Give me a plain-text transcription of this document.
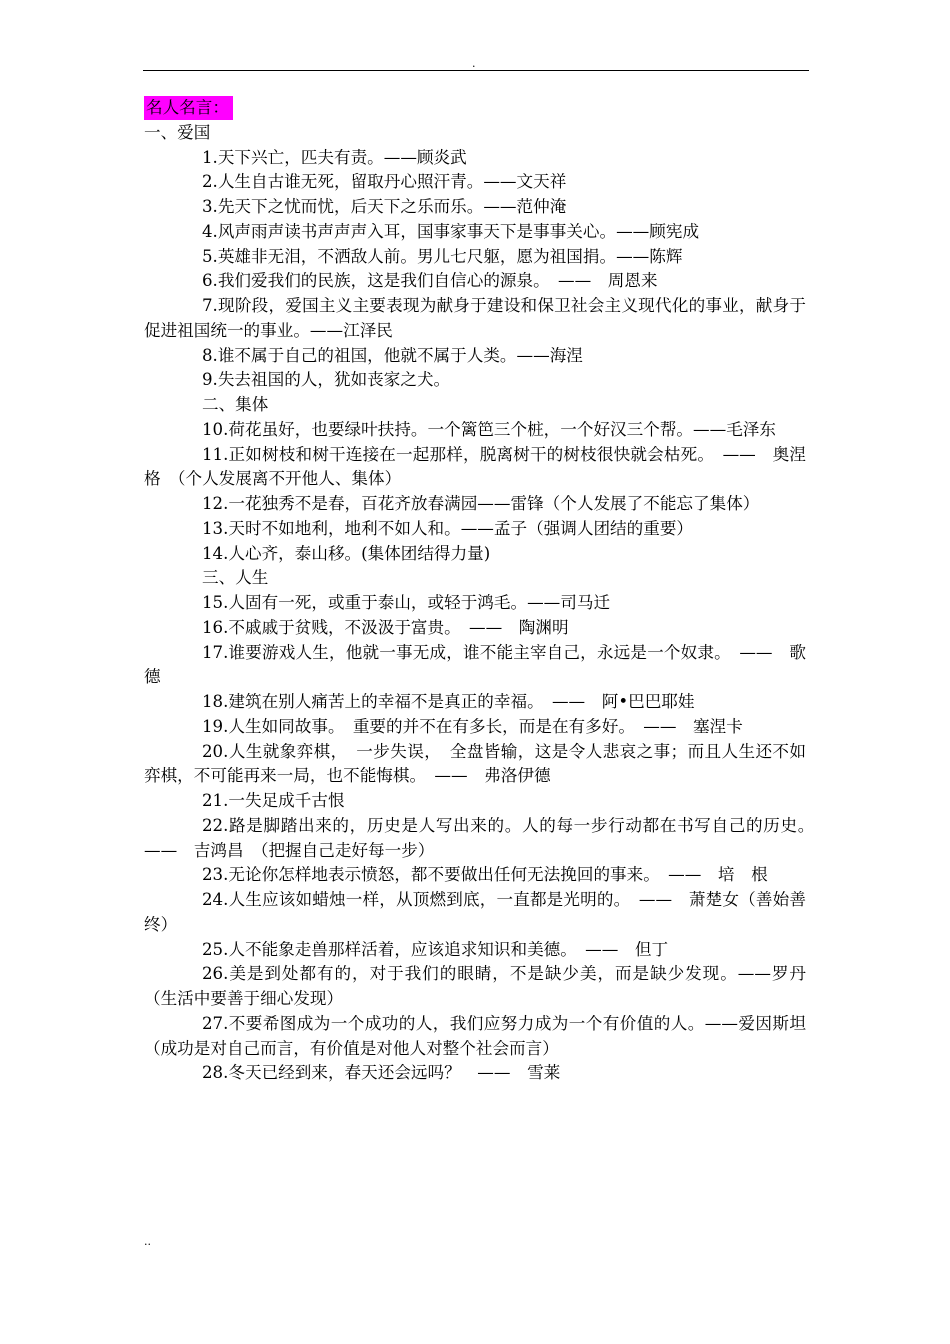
.
名人名言：

一、爱国

1.天下兴亡，匹夫有责。——顾炎武

2.人生自古谁无死，留取丹心照汗青。——文天祥

3.先天下之忧而忧，后天下之乐而乐。——范仲淹

4.风声雨声读书声声声入耳，国事家事天下是事事关心。——顾宪成

5.英雄非无泪，不洒敌人前。男儿七尺躯，愿为祖国捐。——陈辉

6.我们爱我们的民族，这是我们自信心的源泉。　——　周恩来

7.现阶段，爱国主义主要表现为献身于建设和保卫社会主义现代化的事业，献身于促进祖国统一的事业。——江泽民

8.谁不属于自己的祖国，他就不属于人类。——海涅

9.失去祖国的人，犹如丧家之犬。

二、集体

10.荷花虽好，也要绿叶扶持。一个篱笆三个桩，一个好汉三个帮。——毛泽东

11.正如树枝和树干连接在一起那样，脱离树干的树枝很快就会枯死。　——　奥涅格　（个人发展离不开他人、集体）

12.一花独秀不是春，百花齐放春满园——雷锋（个人发展了不能忘了集体）

13.天时不如地利，地利不如人和。——孟子（强调人团结的重要）

14.人心齐，泰山移。(集体团结得力量)

三、人生

15.人固有一死，或重于泰山，或轻于鸿毛。——司马迁

16.不戚戚于贫贱，不汲汲于富贵。　——　陶渊明

17.谁要游戏人生，他就一事无成，谁不能主宰自己，永远是一个奴隶。　——　歌德

18.建筑在别人痛苦上的幸福不是真正的幸福。　——　阿•巴巴耶娃

19.人生如同故事。　重要的并不在有多长，而是在有多好。　——　塞涅卡

20.人生就象弈棋，　一步失误，　全盘皆输，这是令人悲哀之事；而且人生还不如弈棋，不可能再来一局，也不能悔棋。　——　弗洛伊德

21.一失足成千古恨

22.路是脚踏出来的，历史是人写出来的。人的每一步行动都在书写自己的历史。　——　吉鸿昌　（把握自己走好每一步）

23.无论你怎样地表示愤怒，都不要做出任何无法挽回的事来。　——　培　根

24.人生应该如蜡烛一样，从顶燃到底，一直都是光明的。　——　萧楚女（善始善终）

25.人不能象走兽那样活着，应该追求知识和美德。　——　但丁

26.美是到处都有的，对于我们的眼睛，不是缺少美，而是缺少发现。——罗丹（生活中要善于细心发现）

27.不要希图成为一个成功的人，我们应努力成为一个有价值的人。——爱因斯坦（成功是对自己而言，有价值是对他人对整个社会而言）

28.冬天已经到来，春天还会远吗？　——　雪莱

..
